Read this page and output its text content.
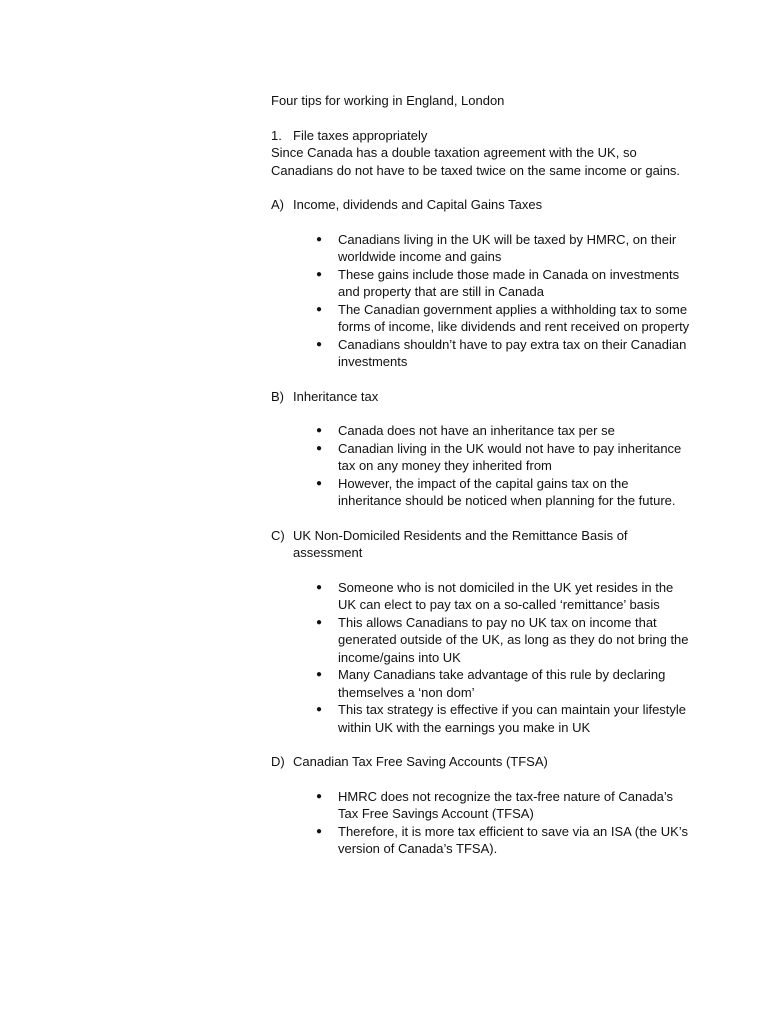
Four tips for working in England, London

1. File taxes appropriately

Since Canada has a double taxation agreement with the UK, so Canadians do not have to be taxed twice on the same income or gains.

A) Income, dividends and Capital Gains Taxes
●	Canadians living in the UK will be taxed by HMRC, on their worldwide income and gains
●	These gains include those made in Canada on investments and property that are still in Canada
●	The Canadian government applies a withholding tax to some forms of income, like dividends and rent received on property
●	Canadians shouldn’t have to pay extra tax on their Canadian investments
B) Inheritance tax
●	Canada does not have an inheritance tax per se
●	Canadian living in the UK would not have to pay inheritance tax on any money they inherited from
●	However, the impact of the capital gains tax on the inheritance should be noticed when planning for the future.
C) UK Non-Domiciled Residents and the Remittance Basis of assessment
●	Someone who is not domiciled in the UK yet resides in the UK can elect to pay tax on a so-called ‘remittance’ basis
●	This allows Canadians to pay no UK tax on income that generated outside of the UK, as long as they do not bring the income/gains into UK
●	Many Canadians take advantage of this rule by declaring themselves a ‘non dom’
●	This tax strategy is effective if you can maintain your lifestyle within UK with the earnings you make in UK
D) Canadian Tax Free Saving Accounts (TFSA)
●	HMRC does not recognize the tax-free nature of Canada’s Tax Free Savings Account (TFSA)
●	Therefore, it is more tax efficient to save via an ISA (the UK’s version of Canada’s TFSA).
